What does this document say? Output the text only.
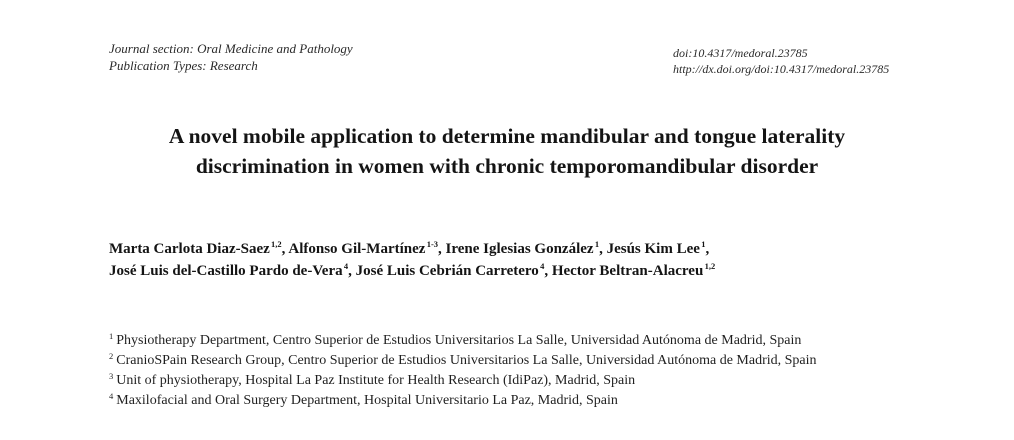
Journal section: Oral Medicine and Pathology
Publication Types: Research
doi:10.4317/medoral.23785
http://dx.doi.org/doi:10.4317/medoral.23785
A novel mobile application to determine mandibular and tongue laterality
discrimination in women with chronic temporomandibular disorder
Marta Carlota Diaz-Saez $^{1,2}$, Alfonso Gil-Martínez $^{1-3}$, Irene Iglesias González $^1$, Jesús Kim Lee $^1$,
José Luis del-Castillo Pardo de-Vera $^4$, José Luis Cebrián Carretero $^4$, Hector Beltran-Alacreu $^{1,2}$
$^1$ Physiotherapy Department, Centro Superior de Estudios Universitarios La Salle, Universidad Autónoma de Madrid, Spain
$^2$ CranioSPain Research Group, Centro Superior de Estudios Universitarios La Salle, Universidad Autónoma de Madrid, Spain
$^3$ Unit of physiotherapy, Hospital La Paz Institute for Health Research (IdiPaz), Madrid, Spain
$^4$ Maxilofacial and Oral Surgery Department, Hospital Universitario La Paz, Madrid, Spain
